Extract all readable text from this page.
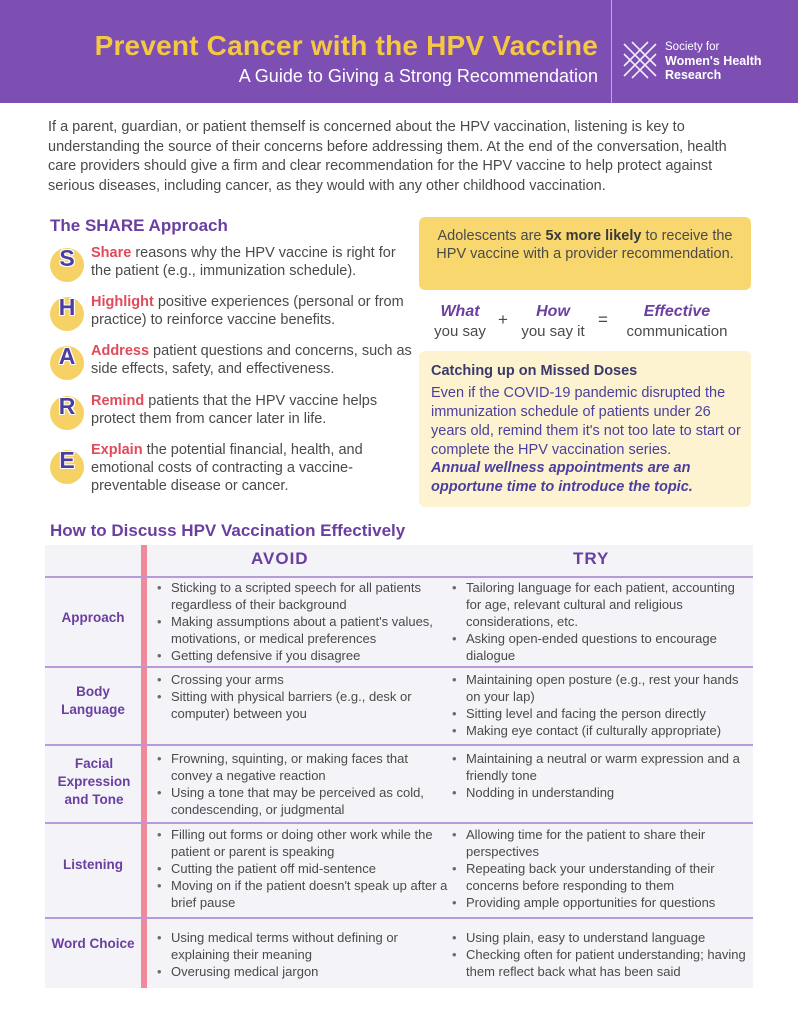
Prevent Cancer with the HPV Vaccine
A Guide to Giving a Strong Recommendation
Society for
Women's Health
Research

If a parent, guardian, or patient themself is concerned about the HPV vaccination, listening is key to understanding the source of their concerns before addressing them. At the end of the conversation, health care providers should give a firm and clear recommendation for the HPV vaccine to help protect against serious diseases, including cancer, as they would with any other childhood vaccination.

The SHARE Approach
S	Share reasons why the HPV vaccine is right for the patient (e.g., immunization schedule).
H	Highlight positive experiences (personal or from practice) to reinforce vaccine benefits.
A	Address patient questions and concerns, such as side effects, safety, and effectiveness.
R	Remind patients that the HPV vaccine helps protect them from cancer later in life.
E	Explain the potential financial, health, and emotional costs of contracting a vaccine-preventable disease or cancer.
Adolescents are 5x more likely to receive the HPV vaccine with a provider recommendation.
What
you say
+	How
you say it
=	Effective
communication
Catching up on Missed Doses
Even if the COVID-19 pandemic disrupted the immunization schedule of patients under 26 years old, remind them it's not too late to start or complete the HPV vaccination series.
Annual wellness appointments are an opportune time to introduce the topic.
How to Discuss HPV Vaccination Effectively
AVOID	TRY
Approach
• Sticking to a scripted speech for all patients regardless of their background
• Making assumptions about a patient's values, motivations, or medical preferences
• Getting defensive if you disagree
• Tailoring language for each patient, accounting for age, relevant cultural and religious considerations, etc.
• Asking open-ended questions to encourage dialogue
Body Language
• Crossing your arms
• Sitting with physical barriers (e.g., desk or computer) between you
• Maintaining open posture (e.g., rest your hands on your lap)
• Sitting level and facing the person directly
• Making eye contact (if culturally appropriate)
Facial Expression and Tone
• Frowning, squinting, or making faces that convey a negative reaction
• Using a tone that may be perceived as cold, condescending, or judgmental
• Maintaining a neutral or warm expression and a friendly tone
• Nodding in understanding
Listening
• Filling out forms or doing other work while the patient or parent is speaking
• Cutting the patient off mid-sentence
• Moving on if the patient doesn't speak up after a brief pause
• Allowing time for the patient to share their perspectives
• Repeating back your understanding of their concerns before responding to them
• Providing ample opportunities for questions
Word Choice
•	Using medical terms without defining or explaining their meaning
• Overusing medical jargon
• Using plain, easy to understand language
• Checking often for patient understanding; having them reflect back what has been said
